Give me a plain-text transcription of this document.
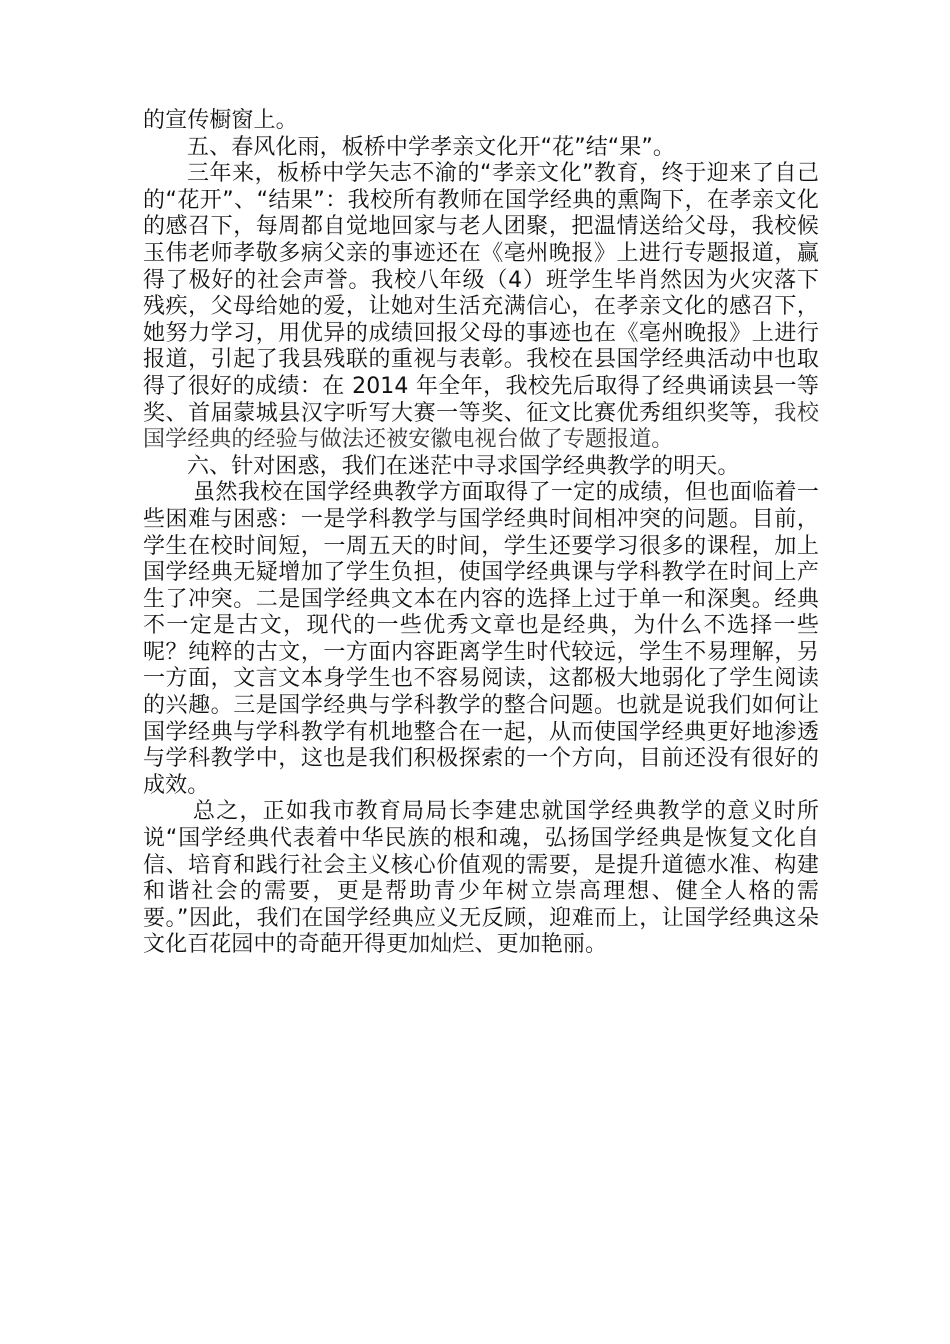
的宣传橱窗上。

五、春风化雨，板桥中学孝亲文化开“花”结“果”。

三年来，板桥中学矢志不渝的“孝亲文化”教育，终于迎来了自己的“花开”、“结果”：我校所有教师在国学经典的熏陶下，在孝亲文化的感召下，每周都自觉地回家与老人团聚，把温情送给父母，我校候玉伟老师孝敬多病父亲的事迹还在《亳州晚报》上进行专题报道，赢得了极好的社会声誉。我校八年级（4）班学生毕肖然因为火灾落下残疾，父母给她的爱，让她对生活充满信心，在孝亲文化的感召下，她努力学习，用优异的成绩回报父母的事迹也在《亳州晚报》上进行报道，引起了我县残联的重视与表彰。我校在县国学经典活动中也取得了很好的成绩：在 2014 年全年，我校先后取得了经典诵读县一等奖、首届蒙城县汉字听写大赛一等奖、征文比赛优秀组织奖等，我校国学经典的经验与做法还被安徽电视台做了专题报道。

六、针对困惑，我们在迷茫中寻求国学经典教学的明天。

虽然我校在国学经典教学方面取得了一定的成绩，但也面临着一些困难与困惑：一是学科教学与国学经典时间相冲突的问题。目前，学生在校时间短，一周五天的时间，学生还要学习很多的课程，加上国学经典无疑增加了学生负担，使国学经典课与学科教学在时间上产生了冲突。二是国学经典文本在内容的选择上过于单一和深奥。经典不一定是古文，现代的一些优秀文章也是经典，为什么不选择一些呢？纯粹的古文，一方面内容距离学生时代较远，学生不易理解，另一方面，文言文本身学生也不容易阅读，这都极大地弱化了学生阅读的兴趣。三是国学经典与学科教学的整合问题。也就是说我们如何让国学经典与学科教学有机地整合在一起，从而使国学经典更好地渗透与学科教学中，这也是我们积极探索的一个方向，目前还没有很好的成效。

总之，正如我市教育局局长李建忠就国学经典教学的意义时所说“国学经典代表着中华民族的根和魂，弘扬国学经典是恢复文化自信、培育和践行社会主义核心价值观的需要，是提升道德水准、构建和谐社会的需要，更是帮助青少年树立崇高理想、健全人格的需要。”因此，我们在国学经典应义无反顾，迎难而上，让国学经典这朵文化百花园中的奇葩开得更加灿烂、更加艳丽。
